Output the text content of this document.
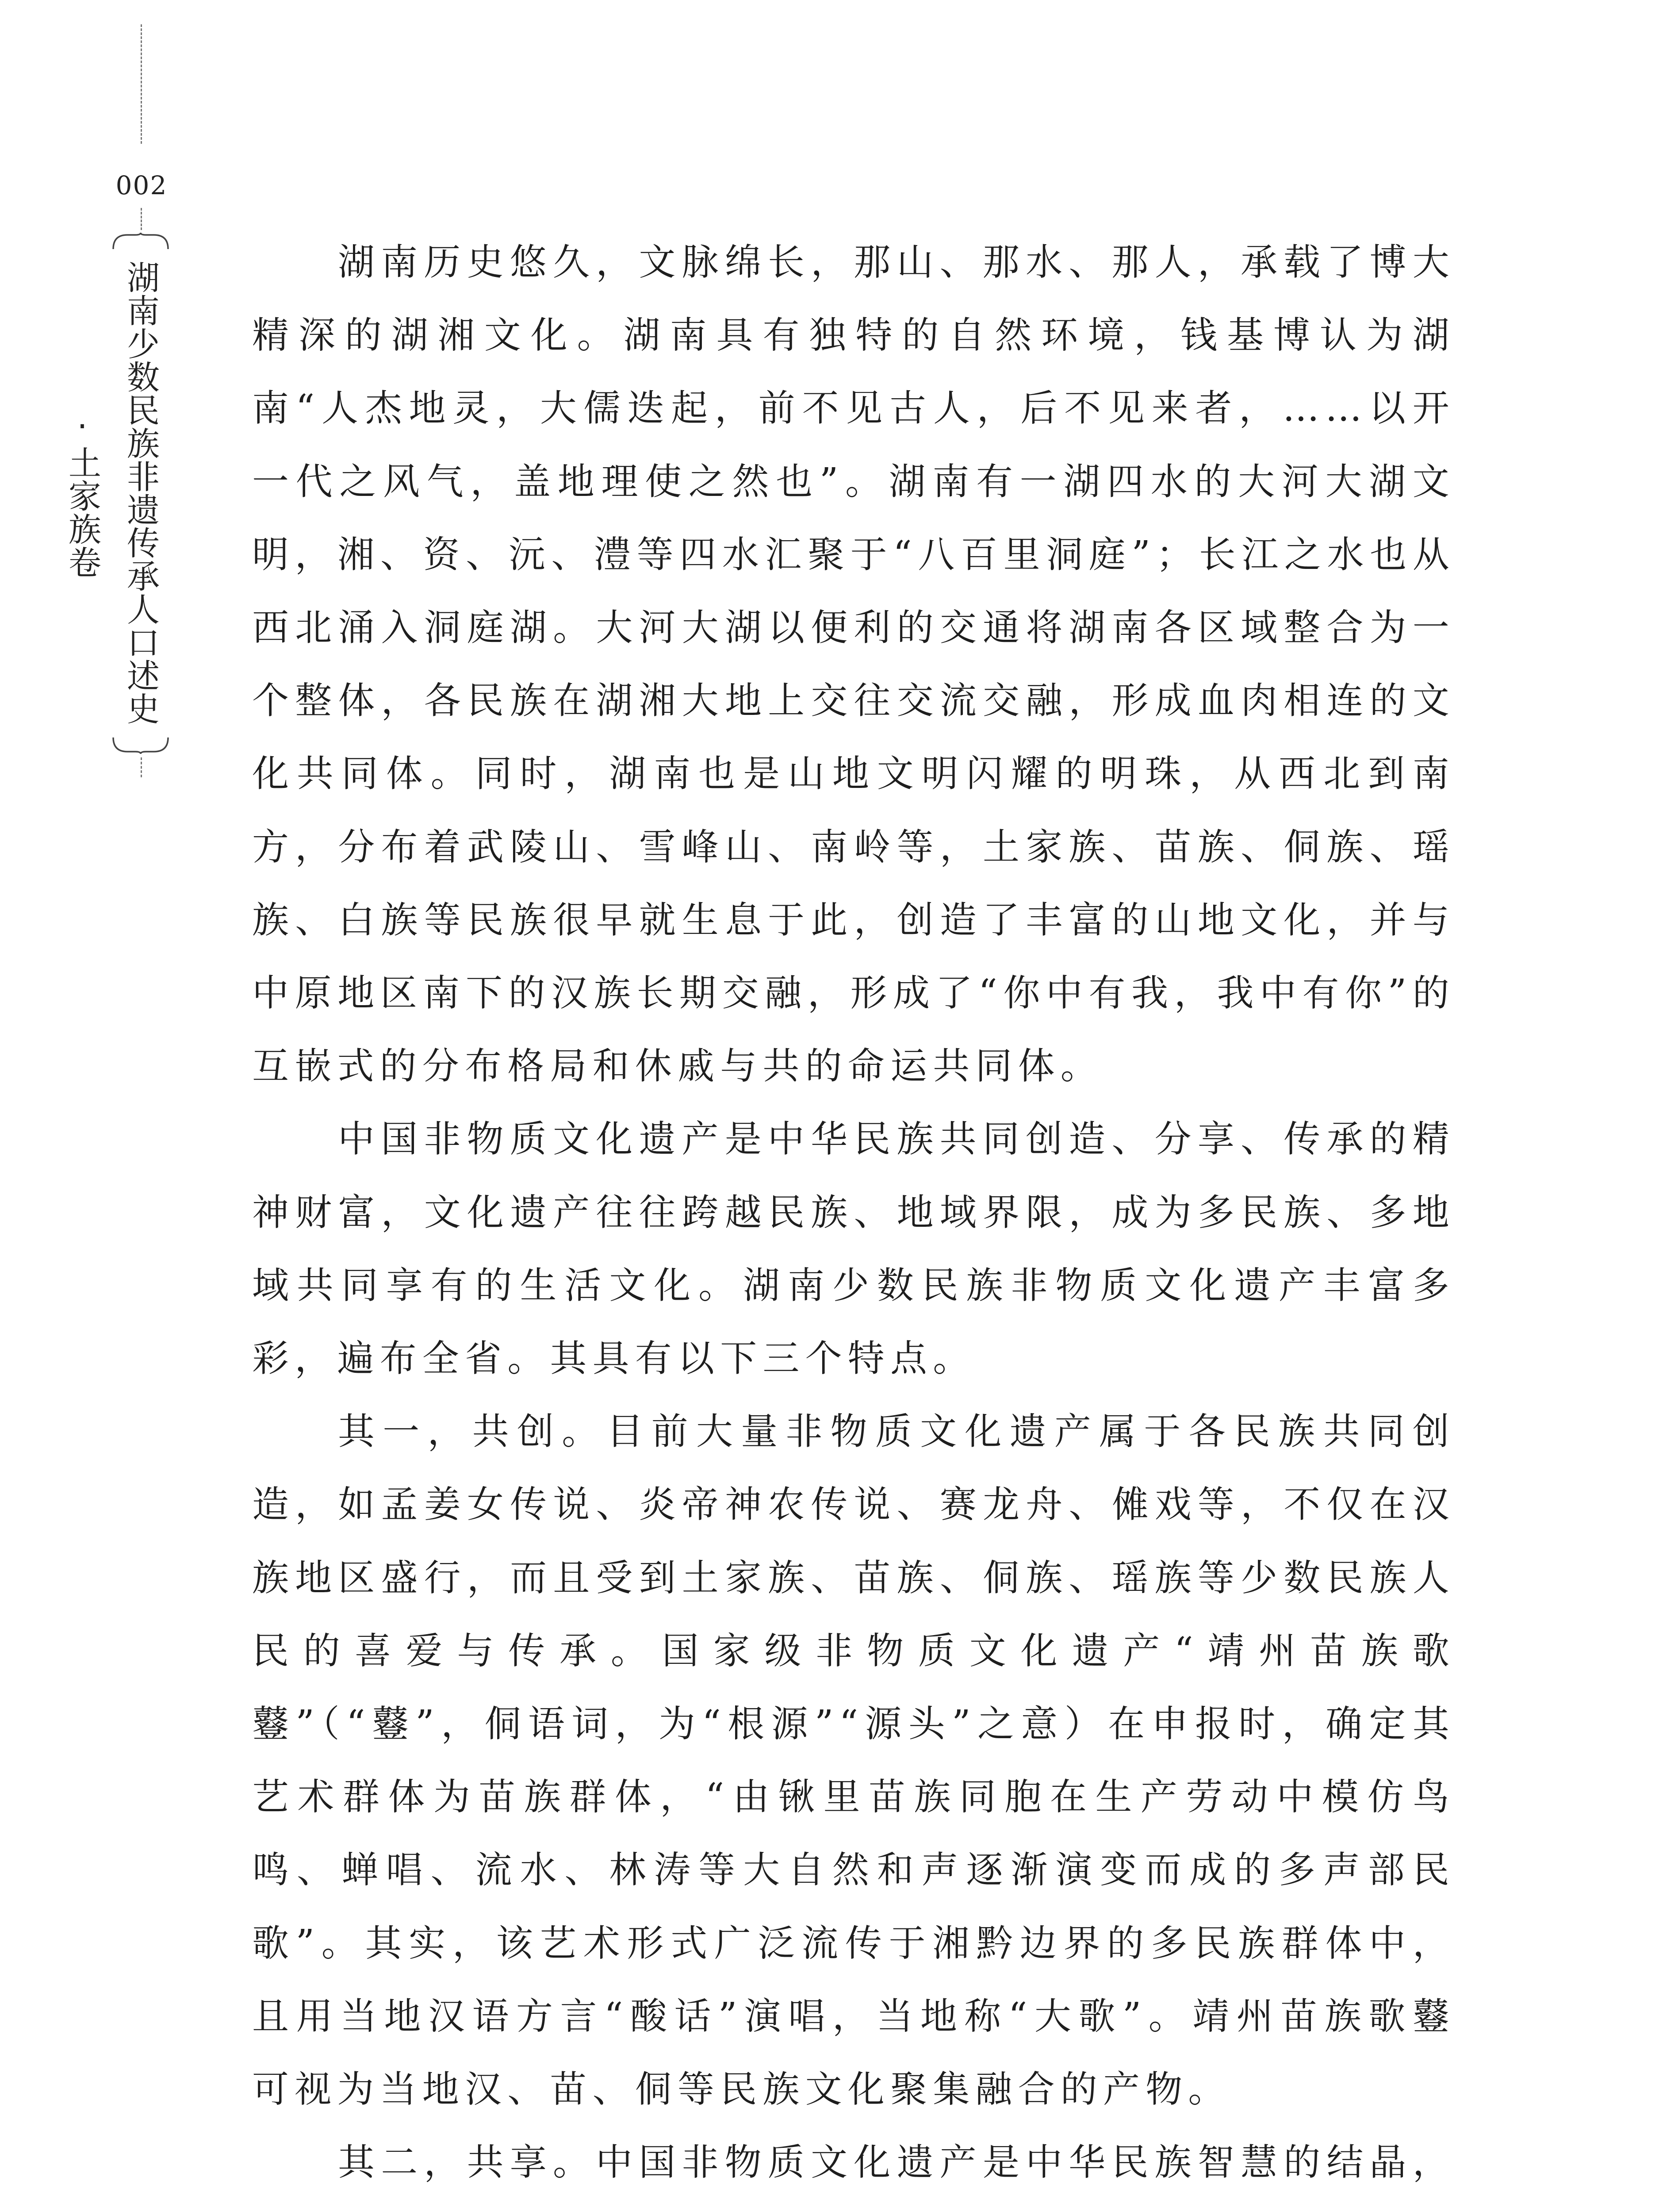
002
湖南少数民族非遗传承人口述史·土家族卷

湖南历史悠久，文脉绵长，那山、那水、那人，承载了博大精深的湖湘文化。湖南具有独特的自然环境，钱基博认为湖南“人杰地灵，大儒迭起，前不见古人，后不见来者，……以开一代之风气，盖地理使之然也”。湖南有一湖四水的大河大湖文明，湘、资、沅、澧等四水汇聚于“八百里洞庭”；长江之水也从西北涌入洞庭湖。大河大湖以便利的交通将湖南各区域整合为一个整体，各民族在湖湘大地上交往交流交融，形成血肉相连的文化共同体。同时，湖南也是山地文明闪耀的明珠，从西北到南方，分布着武陵山、雪峰山、南岭等，土家族、苗族、侗族、瑶族、白族等民族很早就生息于此，创造了丰富的山地文化，并与中原地区南下的汉族长期交融，形成了“你中有我，我中有你”的互嵌式的分布格局和休戚与共的命运共同体。

中国非物质文化遗产是中华民族共同创造、分享、传承的精神财富，文化遗产往往跨越民族、地域界限，成为多民族、多地域共同享有的生活文化。湖南少数民族非物质文化遗产丰富多彩，遍布全省。其具有以下三个特点。

其一，共创。目前大量非物质文化遗产属于各民族共同创造，如孟姜女传说、炎帝神农传说、赛龙舟、傩戏等，不仅在汉族地区盛行，而且受到土家族、苗族、侗族、瑶族等少数民族人民的喜爱与传承。国家级非物质文化遗产“靖州苗族歌鼟”（“鼟”，侗语词，为“根源”“源头”之意）在申报时，确定其艺术群体为苗族群体，“由锹里苗族同胞在生产劳动中模仿鸟鸣、蝉唱、流水、林涛等大自然和声逐渐演变而成的多声部民歌”。其实，该艺术形式广泛流传于湘黔边界的多民族群体中，且用当地汉语方言“酸话”演唱，当地称“大歌”。靖州苗族歌鼟可视为当地汉、苗、侗等民族文化聚集融合的产物。

其二，共享。中国非物质文化遗产是中华民族智慧的结晶，
